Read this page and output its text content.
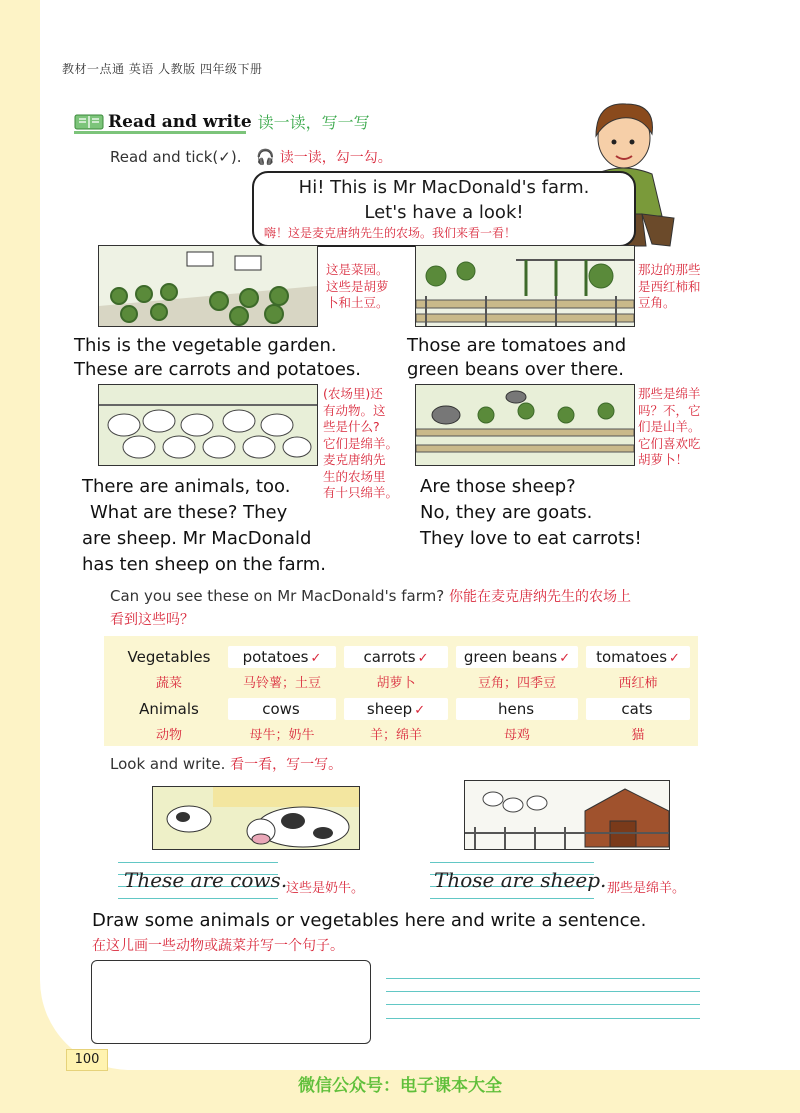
教材一点通 英语 人教版 四年级下册
Read and write 读一读，写一写
Read and tick(✓). 🎧 读一读，勾一勾。
Hi! This is Mr MacDonald's farm.
Let's have a look!
嗨！这是麦克唐纳先生的农场。我们来看一看！
这是菜园。
这些是胡萝
卜和土豆。
This is the vegetable garden.
These are carrots and potatoes.
那边的那些
是西红柿和
豆角。
Those are tomatoes and
green beans over there.
(农场里)还
有动物。这
些是什么?
它们是绵羊。
麦克唐纳先
生的农场里
有十只绵羊。
There are animals, too.
What are these? They
are sheep. Mr MacDonald
has ten sheep on the farm.
那些是绵羊
吗？不，它
们是山羊。
它们喜欢吃
胡萝卜！
Are those sheep?
No, they are goats.
They love to eat carrots!
Can you see these on Mr MacDonald's farm? 你能在麦克唐纳先生的农场上
看到这些吗？
Vegetables
蔬菜
potatoes ✓
马铃薯；土豆
carrots ✓
胡萝卜
green beans ✓
豆角；四季豆
tomatoes ✓
西红柿
Animals
动物
cows
母牛；奶牛
sheep ✓
羊；绵羊
hens
母鸡
cats
猫
Look and write. 看一看，写一写。
These are cows.
这些是奶牛。	Those are sheep. 那些是绵羊。
Draw some animals or vegetables here and write a sentence.
在这儿画一些动物或蔬菜并写一个句子。
100
微信公众号：电子课本大全
